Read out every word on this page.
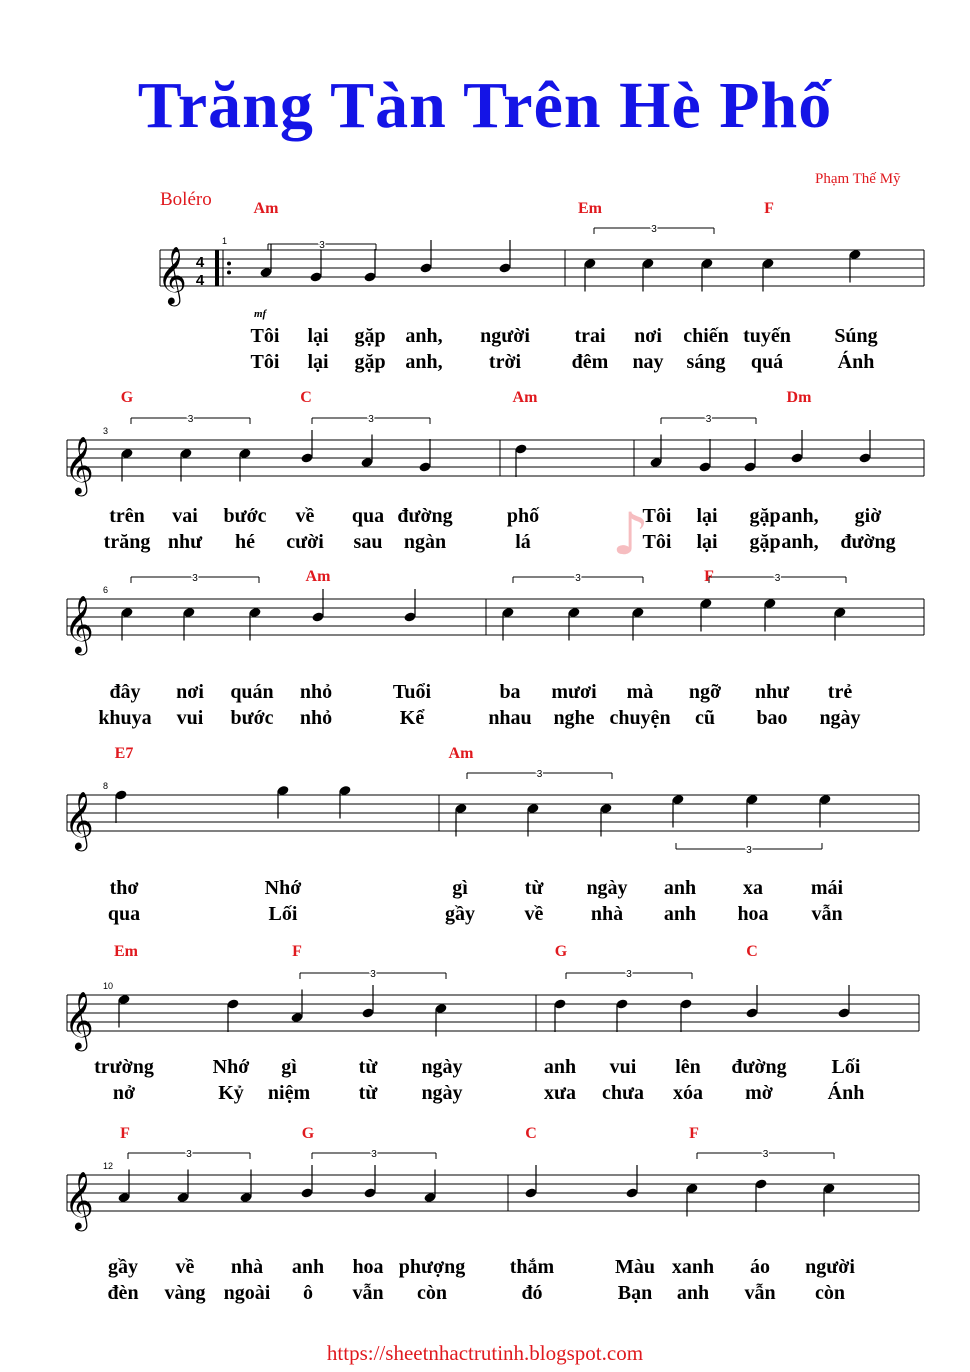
Trăng Tàn Trên Hè Phố
Phạm Thế Mỹ
Boléro
mf
♪
𝄞 4
4
3
3
𝄞
3	3	3
𝄞
3	3	3
𝄞
3
3
𝄞
3	3
𝄞
3	3	3
1
Am	Em	F
Tôi lại gặp anh, người trai nơi chiến tuyến Súng
Tôi lại gặp anh, trời	đêm nay sáng quá	Ánh
3
G	C	Am	Dm
trên vai bước về qua đường	phố	Tôi lại gặp anh, giờ
trăng như hé cười sau ngàn	lá	Tôi lại gặp anh, đường
6
Am	F
đây nơi quán nhỏ	Tuổi	ba mươi mà ngỡ như trẻ
khuya vui bước nhỏ	Kể	nhau nghe chuyện cũ bao ngày
8
E7	Am
thơ	Nhớ	gì	từ ngày anh xa mái
qua	Lối	gầy về nhà anh hoa vẫn
10
Em	F	G	C
trường	Nhớ gì	từ ngày	anh vui lên đường Lối
nở	Kỷ niệm từ ngày	xưa chưa xóa mờ	Ánh
12
F	G	C	F
gầy về nhà anh hoa phượng thắm	Màu xanh áo người
đèn vàng ngoài ô vẫn còn	đó	Bạn anh vẫn còn
https://sheetnhactrutinh.blogspot.com
